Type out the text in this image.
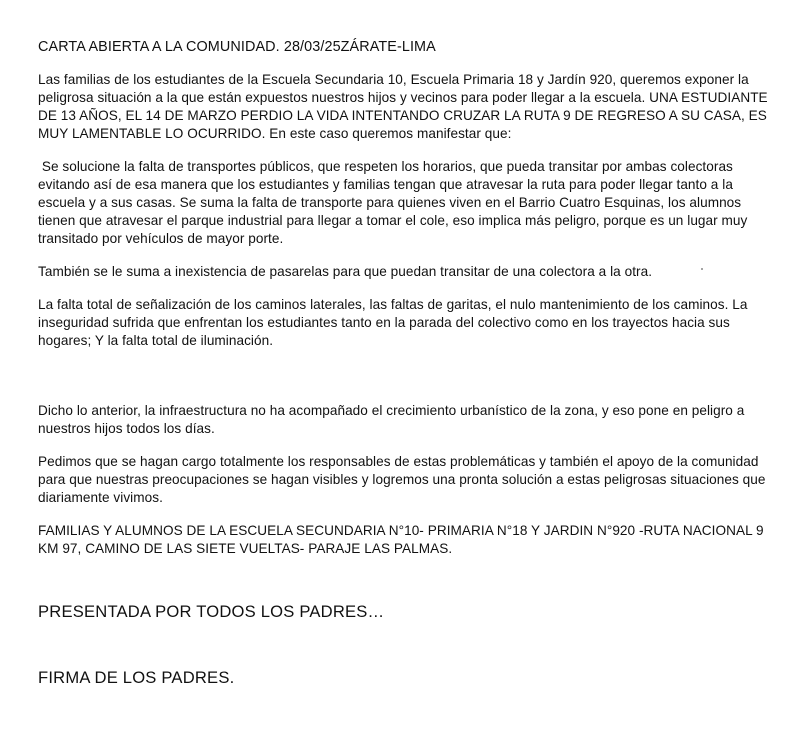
CARTA ABIERTA A LA COMUNIDAD. 28/03/25ZÁRATE-LIMA

Las familias de los estudiantes de la Escuela Secundaria 10, Escuela Primaria 18 y Jardín 920, queremos exponer la peligrosa situación a la que están expuestos nuestros hijos y vecinos para poder llegar a la escuela. UNA ESTUDIANTE DE 13 AÑOS, EL 14 DE MARZO PERDIO LA VIDA INTENTANDO CRUZAR LA RUTA 9 DE REGRESO A SU CASA, ES MUY LAMENTABLE LO OCURRIDO. En este caso queremos manifestar que:

Se solucione la falta de transportes públicos, que respeten los horarios, que pueda transitar por ambas colectoras evitando así de esa manera que los estudiantes y familias tengan que atravesar la ruta para poder llegar tanto a la escuela y a sus casas. Se suma la falta de transporte para quienes viven en el Barrio Cuatro Esquinas, los alumnos tienen que atravesar el parque industrial para llegar a tomar el cole, eso implica más peligro, porque es un lugar muy transitado por vehículos de mayor porte.

También se le suma a inexistencia de pasarelas para que puedan transitar de una colectora a la otra.

La falta total de señalización de los caminos laterales, las faltas de garitas, el nulo mantenimiento de los caminos. La inseguridad sufrida que enfrentan los estudiantes tanto en la parada del colectivo como en los trayectos hacia sus hogares; Y la falta total de iluminación.

Dicho lo anterior, la infraestructura no ha acompañado el crecimiento urbanístico de la zona, y eso pone en peligro a nuestros hijos todos los días.

Pedimos que se hagan cargo totalmente los responsables de estas problemáticas y también el apoyo de la comunidad para que nuestras preocupaciones se hagan visibles y logremos una pronta solución a estas peligrosas situaciones que diariamente vivimos.

FAMILIAS Y ALUMNOS DE LA ESCUELA SECUNDARIA N°10- PRIMARIA N°18 Y JARDIN N°920 -RUTA NACIONAL 9 KM 97, CAMINO DE LAS SIETE VUELTAS- PARAJE LAS PALMAS.

PRESENTADA POR TODOS LOS PADRES…

FIRMA DE LOS PADRES.
